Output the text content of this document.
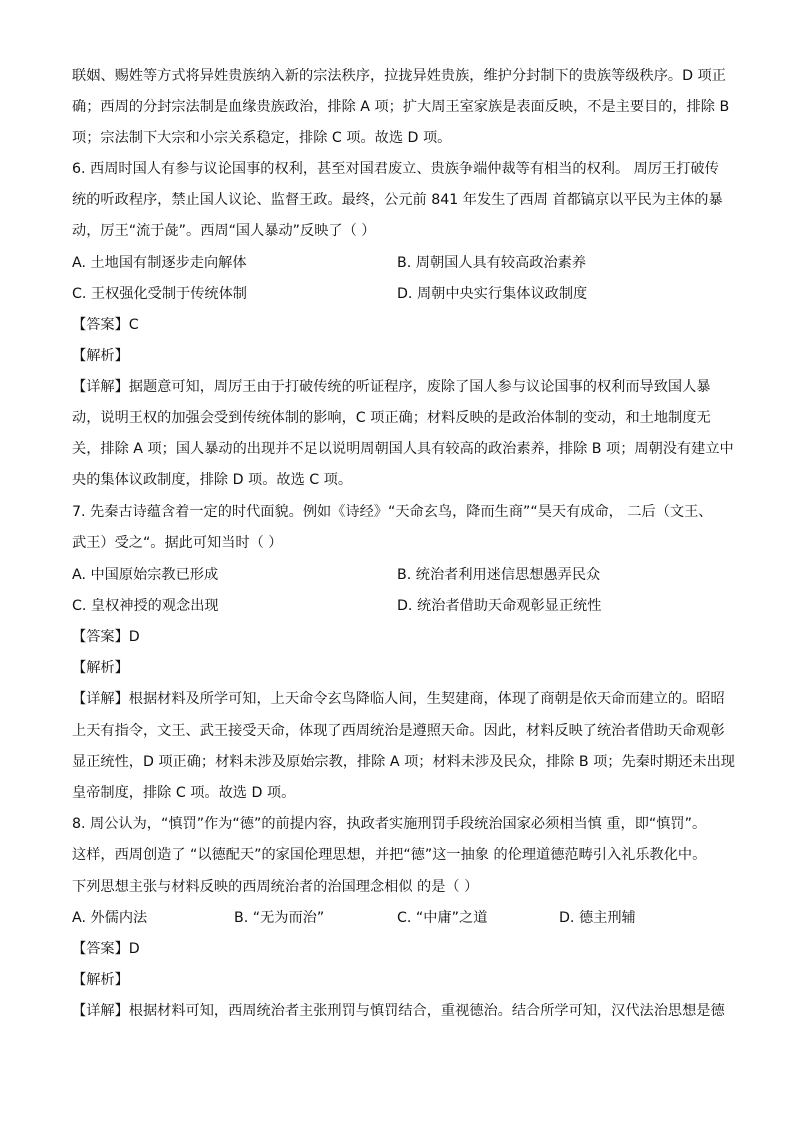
联姻、赐姓等方式将异姓贵族纳入新的宗法秩序，拉拢异姓贵族，维护分封制下的贵族等级秩序。D 项正
确；西周的分封宗法制是血缘贵族政治，排除 A 项；扩大周王室家族是表面反映，不是主要目的，排除 B
项；宗法制下大宗和小宗关系稳定，排除 C 项。故选 D 项。
6. 西周时国人有参与议论国事的权利，甚至对国君废立、贵族争端仲裁等有相当的权利。 周厉王打破传
统的听政程序，禁止国人议论、监督王政。最终，公元前 841 年发生了西周 首都镐京以平民为主体的暴
动，厉王“流于彘”。西周“国人暴动”反映了（ ）
A. 土地国有制逐步走向解体	B. 周朝国人具有较高政治素养
C. 王权强化受制于传统体制	D. 周朝中央实行集体议政制度
【答案】C
【解析】
【详解】据题意可知，周厉王由于打破传统的听证程序，废除了国人参与议论国事的权利而导致国人暴
动，说明王权的加强会受到传统体制的影响，C 项正确；材料反映的是政治体制的变动，和土地制度无
关，排除 A 项；国人暴动的出现并不足以说明周朝国人具有较高的政治素养，排除 B 项；周朝没有建立中
央的集体议政制度，排除 D 项。故选 C 项。
7. 先秦古诗蕴含着一定的时代面貌。例如《诗经》“天命玄鸟，降而生商”“昊天有成命， 二后（文王、
武王）受之“。据此可知当时（ ）
A. 中国原始宗教已形成	B. 统治者利用迷信思想愚弄民众
C. 皇权神授的观念出现	D. 统治者借助天命观彰显正统性
【答案】D
【解析】
【详解】根据材料及所学可知，上天命令玄鸟降临人间，生契建商，体现了商朝是依天命而建立的。昭昭
上天有指令，文王、武王接受天命，体现了西周统治是遵照天命。因此，材料反映了统治者借助天命观彰
显正统性，D 项正确；材料未涉及原始宗教，排除 A 项；材料未涉及民众，排除 B 项；先秦时期还未出现
皇帝制度，排除 C 项。故选 D 项。
8. 周公认为，“慎罚”作为“德”的前提内容，执政者实施刑罚手段统治国家必须相当慎 重，即“慎罚”。
这样，西周创造了 “以德配天”的家国伦理思想，并把“德”这一抽象 的伦理道德范畴引入礼乐教化中。
下列思想主张与材料反映的西周统治者的治国理念相似 的是（ ）
A. 外儒内法	B. “无为而治”	C. “中庸”之道	D. 德主刑辅
【答案】D
【解析】
【详解】根据材料可知，西周统治者主张刑罚与慎罚结合，重视德治。结合所学可知，汉代法治思想是德
